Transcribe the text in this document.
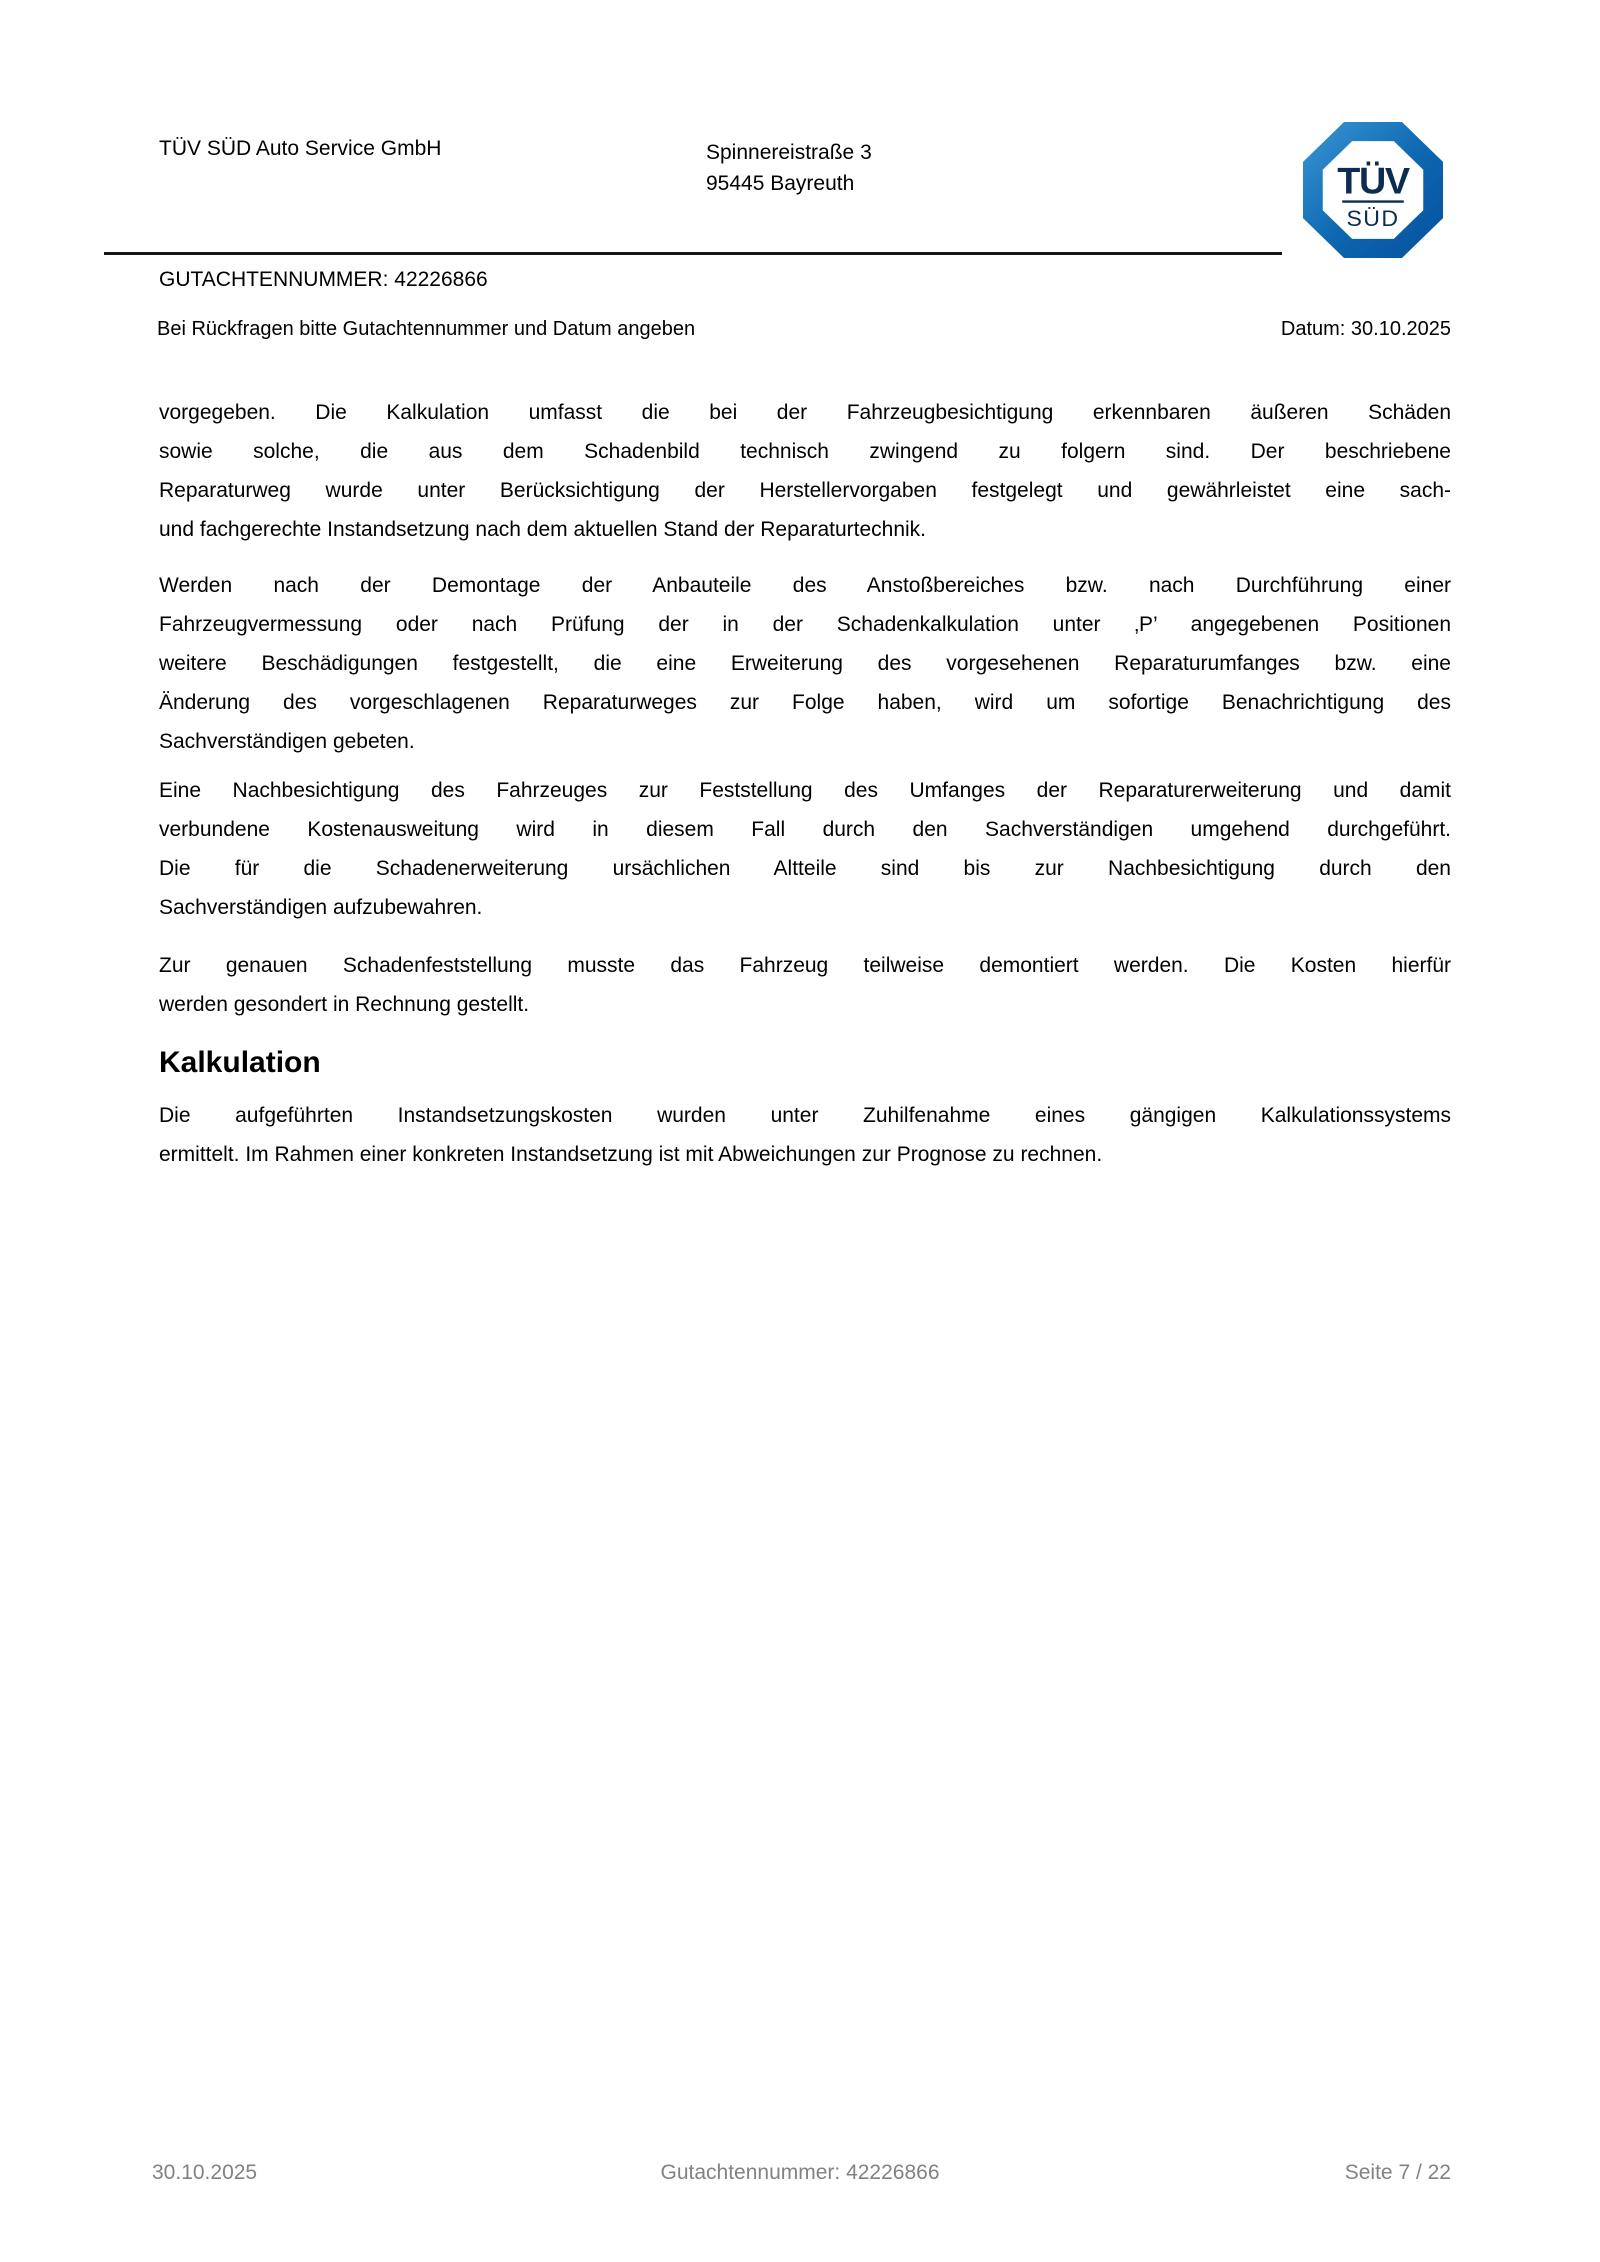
TÜV SÜD Auto Service GmbH	Spinnereistraße 3
95445 Bayreuth	TÜV
SÜD
GUTACHTENNUMMER: 42226866
Bei Rückfragen bitte Gutachtennummer und Datum angeben	Datum: 30.10.2025
vorgegeben. Die Kalkulation umfasst die bei der Fahrzeugbesichtigung erkennbaren äußeren Schäden
sowie solche, die aus dem Schadenbild technisch zwingend zu folgern sind. Der beschriebene
Reparaturweg wurde unter Berücksichtigung der Herstellervorgaben festgelegt und gewährleistet eine sach-
und fachgerechte Instandsetzung nach dem aktuellen Stand der Reparaturtechnik.
Werden nach der Demontage der Anbauteile des Anstoßbereiches bzw. nach Durchführung einer
Fahrzeugvermessung oder nach Prüfung der in der Schadenkalkulation unter ‚P’ angegebenen Positionen
weitere Beschädigungen festgestellt, die eine Erweiterung des vorgesehenen Reparaturumfanges bzw. eine
Änderung des vorgeschlagenen Reparaturweges zur Folge haben, wird um sofortige Benachrichtigung des
Sachverständigen gebeten.
Eine Nachbesichtigung des Fahrzeuges zur Feststellung des Umfanges der Reparaturerweiterung und damit
verbundene Kostenausweitung wird in diesem Fall durch den Sachverständigen umgehend durchgeführt.
Die für die Schadenerweiterung ursächlichen Altteile sind bis zur Nachbesichtigung durch den
Sachverständigen aufzubewahren.
Zur genauen Schadenfeststellung musste das Fahrzeug teilweise demontiert werden. Die Kosten hierfür
werden gesondert in Rechnung gestellt.
Kalkulation
Die aufgeführten Instandsetzungskosten wurden unter Zuhilfenahme eines gängigen Kalkulationssystems
ermittelt. Im Rahmen einer konkreten Instandsetzung ist mit Abweichungen zur Prognose zu rechnen.
30.10.2025	Gutachtennummer: 42226866	Seite 7 / 22
